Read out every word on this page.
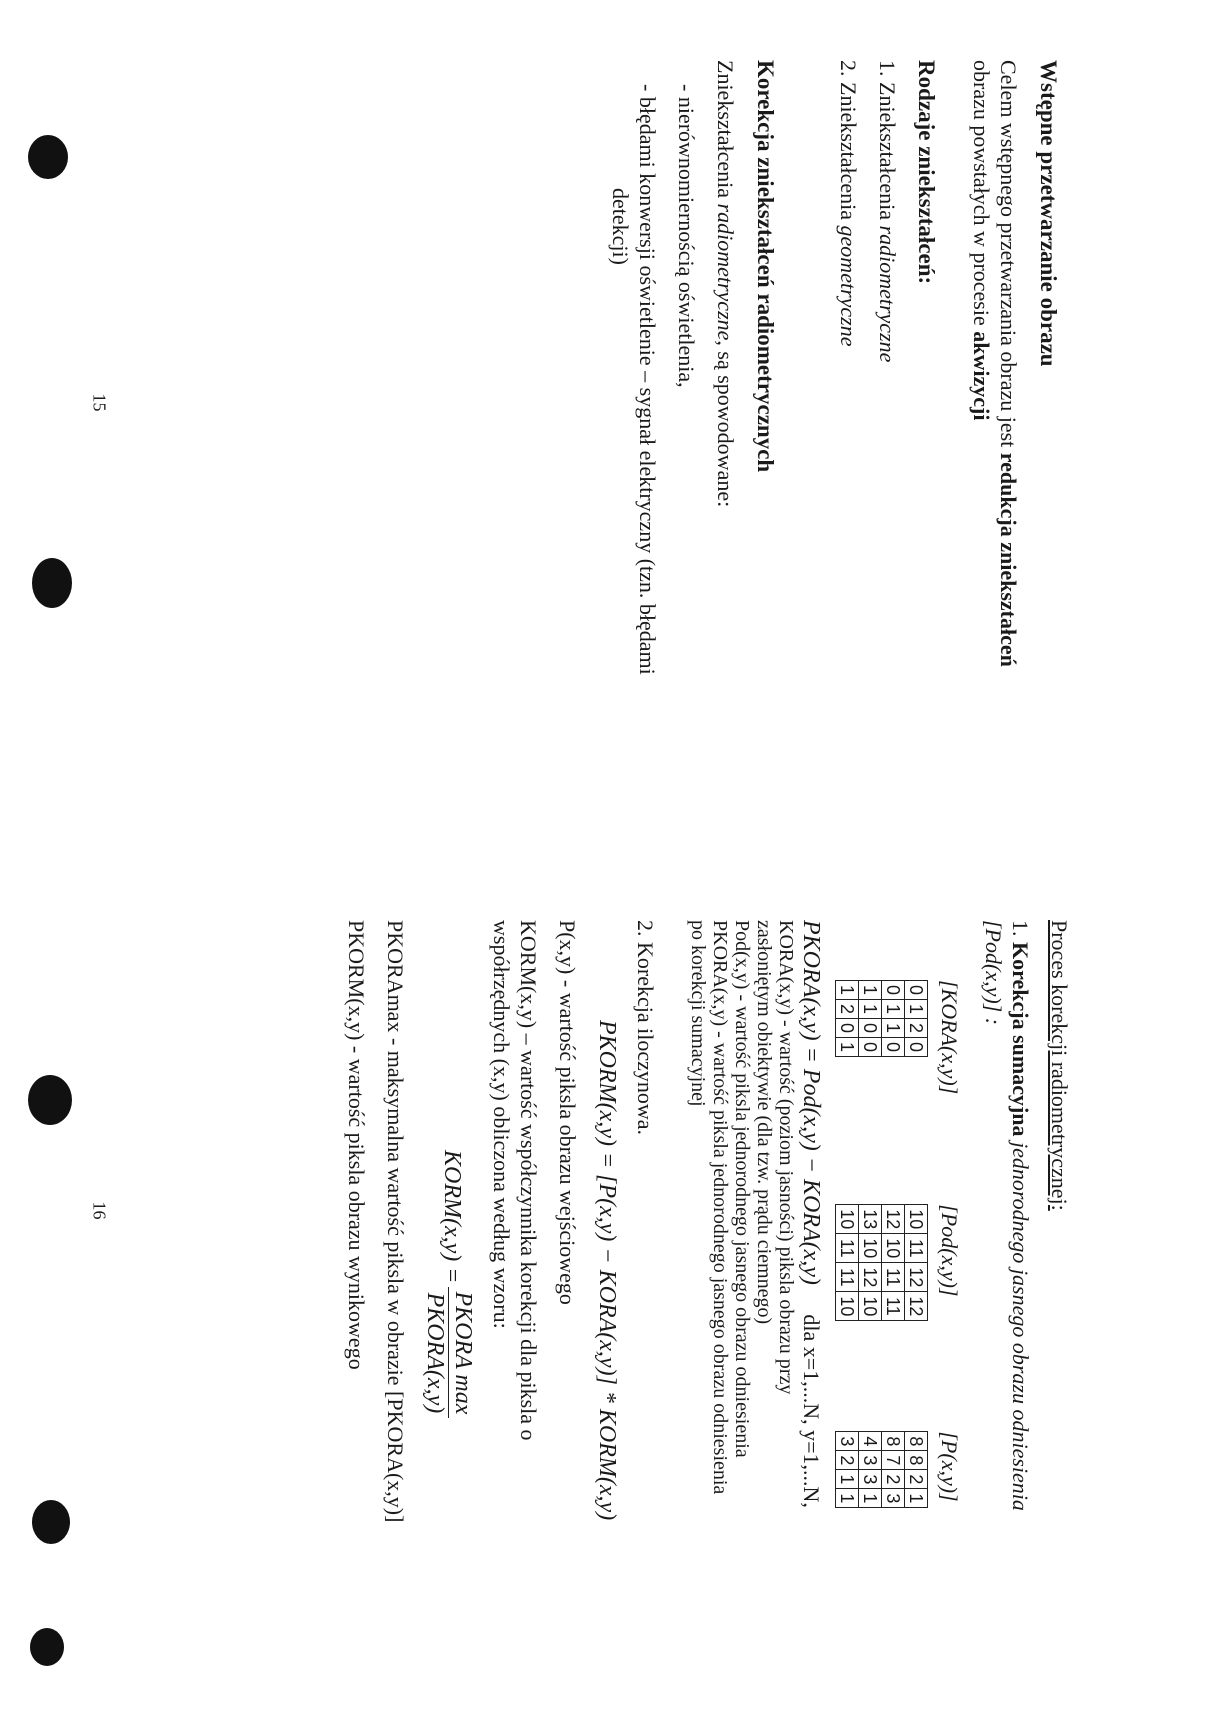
15
16

Wstępne przetwarzanie obrazu

Celem wstępnego przetwarzania obrazu jest redukcja zniekształceń
obrazu powstałych w procesie akwizycji

Rodzaje zniekształceń:

1. Zniekształcenia radiometryczne

2. Zniekształcenia geometryczne

Korekcja zniekształceń radiometrycznych

Zniekształcenia radiometryczne, są spowodowane:

- nierównomiernością oświetlenia,

- błędami konwersji oświetlenie – sygnał elektryczny (tzn. błędami

detekcji)

Proces korekcji radiometrycznej:

1. Korekcja sumacyjna jednorodnego jasnego obrazu odniesienia

[Pod(x,y)] :

[KORA(x,y)]
0	1	2	0
0	1	1	0
1	1	0	0
1	2	0	1
[Pod(x,y)]
10	11	12	12
12	10	11	11
13	10	12	10
10	11	11	10
[P(x,y)]
8	8	2	1
8	7	2	3
4	3	3	1
3	2	1	1

PKORA(x,y) = Pod(x,y) − KORA(x,y) dla x=1,...N, y=1,...N,

KORA(x,y) - wartość (poziom jasności) piksla obrazu przy

zasłoniętym obiektywie (dla tzw. prądu ciemnego)

Pod(x,y) - wartość piksla jednorodnego jasnego obrazu odniesienia

PKORA(x,y) - wartość piksla jednorodnego jasnego obrazu odniesienia

po korekcji sumacyjnej

2. Korekcja iloczynowa.

PKORM(x,y) = [P(x,y) − KORA(x,y)] * KORM(x,y)

P(x,y) - wartość piksla obrazu wejściowego

KORM(x,y) – wartość współczynnika korekcji dla piksla o

współrzędnych (x,y) obliczona według wzoru:

KORM(x,y) =
PKORA max
PKORA(x,y)

PKORAmax - maksymalna wartość piksla w obrazie [PKORA(x,y)]

PKORM(x,y) - wartość piksla obrazu wynikowego
